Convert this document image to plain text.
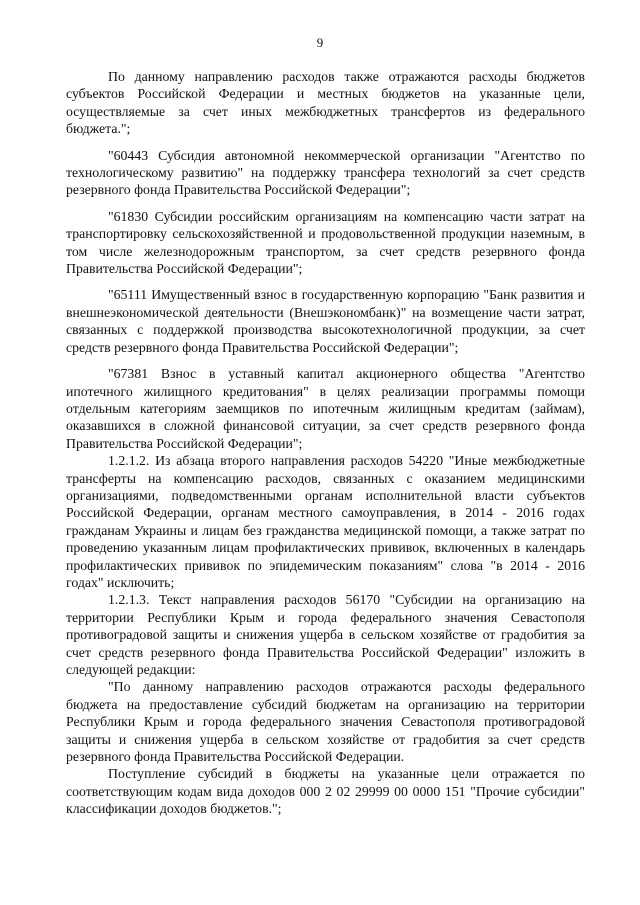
9

По данному направлению расходов также отражаются расходы бюджетов субъектов Российской Федерации и местных бюджетов на указанные цели, осуществляемые за счет иных межбюджетных трансфертов из федерального бюджета.";

"60443 Субсидия автономной некоммерческой организации "Агентство по технологическому развитию" на поддержку трансфера технологий за счет средств резервного фонда Правительства Российской Федерации";

"61830 Субсидии российским организациям на компенсацию части затрат на транспортировку сельскохозяйственной и продовольственной продукции наземным, в том числе железнодорожным транспортом, за счет средств резервного фонда Правительства Российской Федерации";

"65111 Имущественный взнос в государственную корпорацию "Банк развития и внешнеэкономической деятельности (Внешэкономбанк)" на возмещение части затрат, связанных с поддержкой производства высокотехнологичной продукции, за счет средств резервного фонда Правительства Российской Федерации";

"67381 Взнос в уставный капитал акционерного общества "Агентство ипотечного жилищного кредитования" в целях реализации программы помощи отдельным категориям заемщиков по ипотечным жилищным кредитам (займам), оказавшихся в сложной финансовой ситуации, за счет средств резервного фонда Правительства Российской Федерации";

1.2.1.2. Из абзаца второго направления расходов 54220 "Иные межбюджетные трансферты на компенсацию расходов, связанных с оказанием медицинскими организациями, подведомственными органам исполнительной власти субъектов Российской Федерации, органам местного самоуправления, в 2014 - 2016 годах гражданам Украины и лицам без гражданства медицинской помощи, а также затрат по проведению указанным лицам профилактических прививок, включенных в календарь профилактических прививок по эпидемическим показаниям" слова "в 2014 - 2016 годах" исключить;

1.2.1.3. Текст направления расходов 56170 "Субсидии на организацию на территории Республики Крым и города федерального значения Севастополя противоградовой защиты и снижения ущерба в сельском хозяйстве от градобития за счет средств резервного фонда Правительства Российской Федерации" изложить в следующей редакции:

"По данному направлению расходов отражаются расходы федерального бюджета на предоставление субсидий бюджетам на организацию на территории Республики Крым и города федерального значения Севастополя противоградовой защиты и снижения ущерба в сельском хозяйстве от градобития за счет средств резервного фонда Правительства Российской Федерации.

Поступление субсидий в бюджеты на указанные цели отражается по соответствующим кодам вида доходов 000 2 02 29999 00 0000 151 "Прочие субсидии" классификации доходов бюджетов.";
